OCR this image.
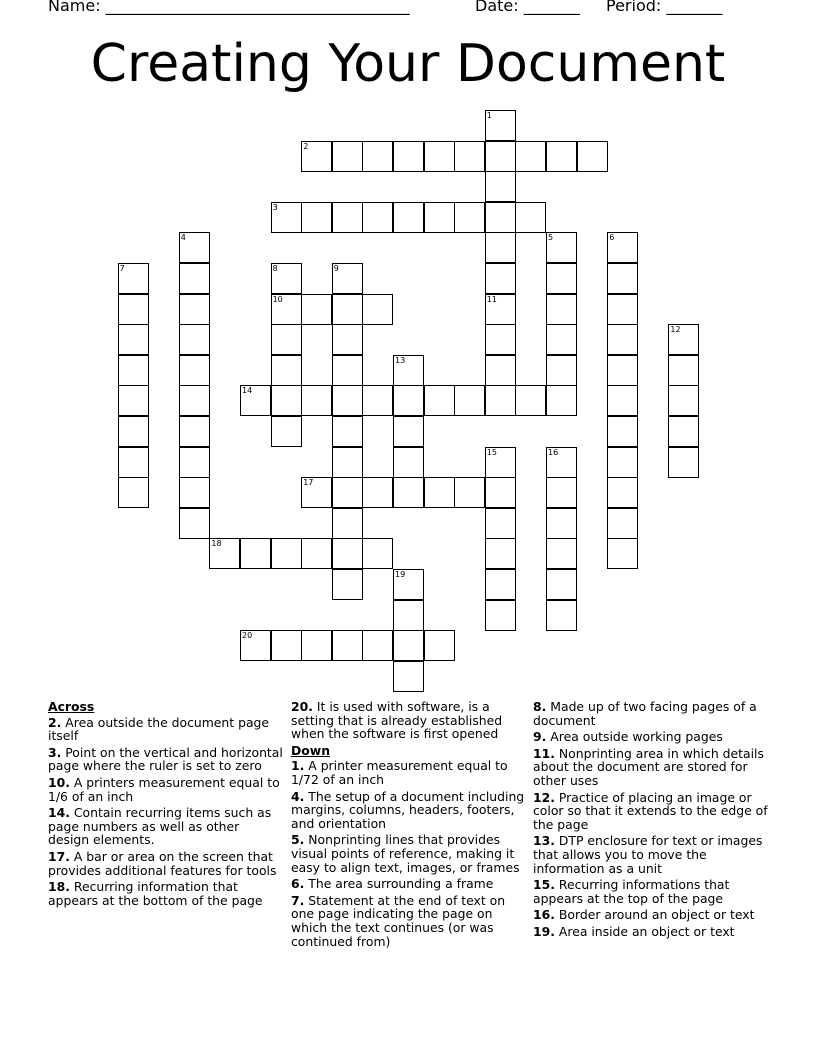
Name: ______________________________________	Date: _______ Period: _______
Creating Your Document
2
3
10
14
17
18
20
1
4	5	6
7	8	9
11
12
13
15	16
19
Across
2. Area outside the document page itself
3. Point on the vertical and horizontal page where the ruler is set to zero
10. A printers measurement equal to 1/6 of an inch
14. Contain recurring items such as page numbers as well as other design elements.
17. A bar or area on the screen that provides additional features for tools
18. Recurring information that appears at the bottom of the page
20. It is used with software, is a setting that is already established when the software is first opened
Down
1. A printer measurement equal to 1/72 of an inch
4. The setup of a document including margins, columns, headers, footers, and orientation
5. Nonprinting lines that provides visual points of reference, making it easy to align text, images, or frames
6. The area surrounding a frame
7. Statement at the end of text on one page indicating the page on which the text continues (or was continued from)
8. Made up of two facing pages of a document
9. Area outside working pages
11. Nonprinting area in which details about the document are stored for other uses
12. Practice of placing an image or color so that it extends to the edge of the page
13. DTP enclosure for text or images that allows you to move the information as a unit
15. Recurring informations that appears at the top of the page
16. Border around an object or text
19. Area inside an object or text
